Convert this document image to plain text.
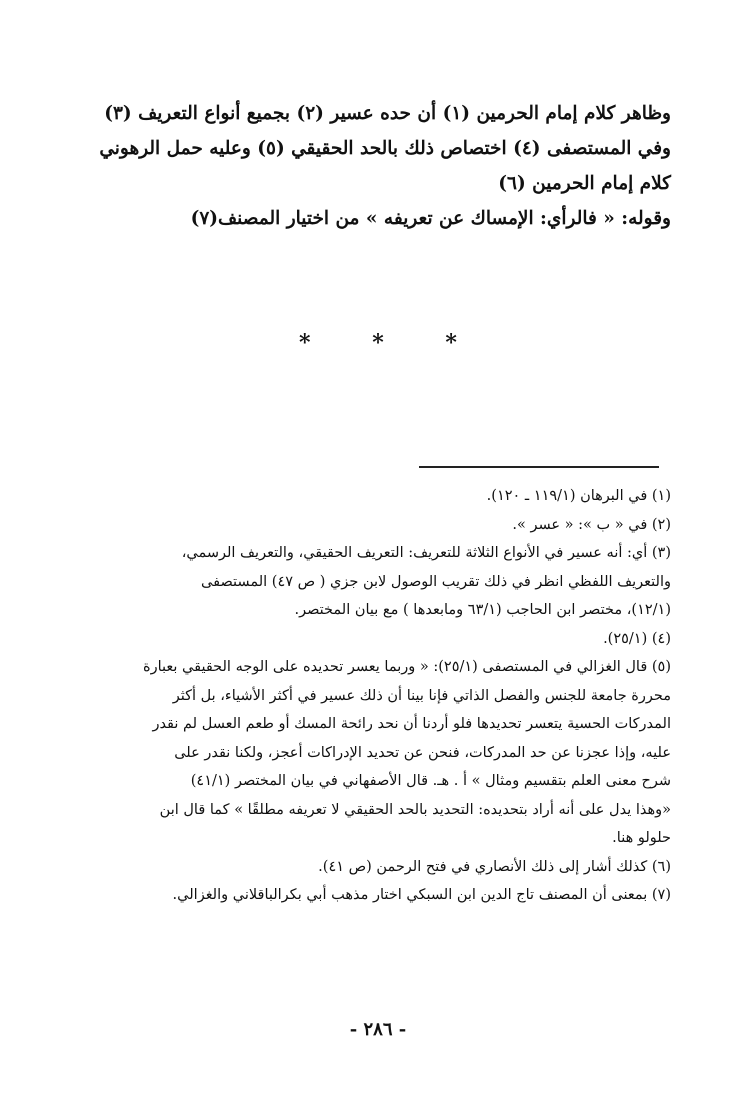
وظاهر كلام إمام الحرمين (١) أن حده عسير (٢) بجميع أنواع التعريف (٣)

وفي المستصفى (٤) اختصاص ذلك بالحد الحقيقي (٥) وعليه حمل الرهوني

كلام إمام الحرمين (٦)

وقوله: « فالرأي: الإمساك عن تعريفه » من اختيار المصنف(٧)

*	*	*

(١) في البرهان (١١٩/١ ـ ١٢٠).

(٢) في « ب »: « عسر ».

(٣) أي: أنه عسير في الأنواع الثلاثة للتعريف: التعريف الحقيقي، والتعريف الرسمي،

والتعريف اللفظي انظر في ذلك تقريب الوصول لابن جزي ( ص ٤٧) المستصفى

(١٢/١)، مختصر ابن الحاجب (٦٣/١ ومابعدها ) مع بيان المختصر.

(٤) (٢٥/١).

(٥) قال الغزالي في المستصفى (٢٥/١): « وربما يعسر تحديده على الوجه الحقيقي بعبارة

محررة جامعة للجنس والفصل الذاتي فإنا بينا أن ذلك عسير في أكثر الأشياء، بل أكثر

المدركات الحسية يتعسر تحديدها فلو أردنا أن نحد رائحة المسك أو طعم العسل لم نقدر

عليه، وإذا عجزنا عن حد المدركات، فنحن عن تحديد الإدراكات أعجز، ولكنا نقدر على

شرح معنى العلم بتقسيم ومثال » أ . هـ. قال الأصفهاني في بيان المختصر (٤١/١)

«وهذا يدل على أنه أراد بتحديده: التحديد بالحد الحقيقي لا تعريفه مطلقًا » كما قال ابن

حلولو هنا.

(٦) كذلك أشار إلى ذلك الأنصاري في فتح الرحمن (ص ٤١).

(٧) بمعنى أن المصنف تاج الدين ابن السبكي اختار مذهب أبي بكرالباقلاني والغزالي.

- ٢٨٦ -
